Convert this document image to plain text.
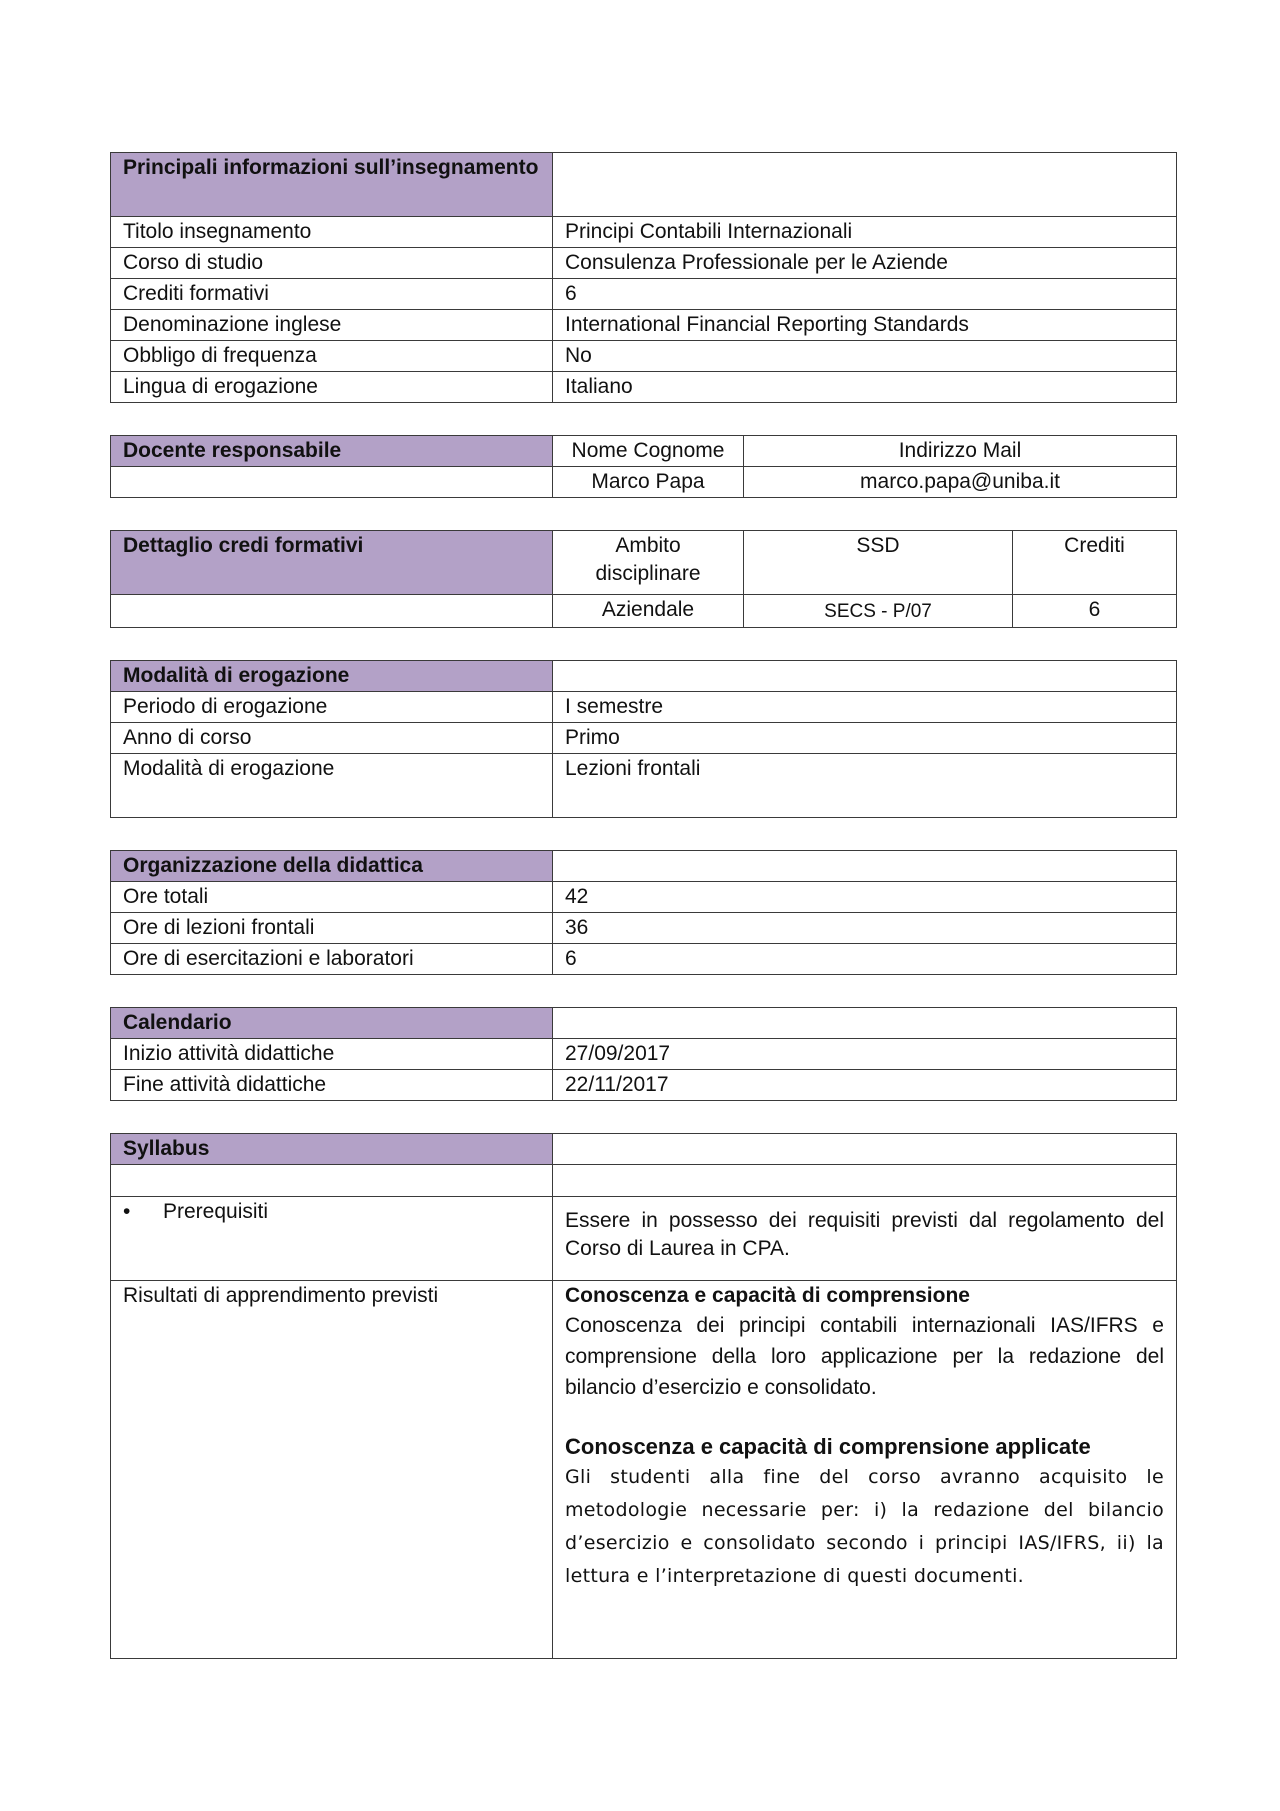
Principali informazioni sull’insegnamento	
Titolo insegnamento	Principi Contabili Internazionali
Corso di studio	Consulenza Professionale per le Aziende
Crediti formativi	6
Denominazione inglese	International Financial Reporting Standards
Obbligo di frequenza	No
Lingua di erogazione	Italiano
Docente responsabile	Nome Cognome	Indirizzo Mail
	Marco Papa	marco.papa@uniba.it
Dettaglio credi formativi	Ambito disciplinare	SSD	Crediti
	Aziendale	SECS - P/07	6
Modalità di erogazione	
Periodo di erogazione	I semestre
Anno di corso	Primo
Modalità di erogazione	Lezioni frontali
Organizzazione della didattica	
Ore totali	42
Ore di lezioni frontali	36
Ore di esercitazioni e laboratori	6
Calendario	
Inizio attività didattiche	27/09/2017
Fine attività didattiche	22/11/2017
Syllabus	

• Prerequisiti	Essere in possesso dei requisiti previsti dal regolamento del Corso di Laurea in CPA.
Risultati di apprendimento previsti	Conoscenza e capacità di comprensione
Conoscenza dei principi contabili internazionali IAS/IFRS e comprensione della loro applicazione per la redazione del bilancio d’esercizio e consolidato.
Conoscenza e capacità di comprensione applicate
Gli studenti alla fine del corso avranno acquisito le metodologie necessarie per: i) la redazione del bilancio d’esercizio e consolidato secondo i principi IAS/IFRS, ii) la lettura e l’interpretazione di questi documenti.
